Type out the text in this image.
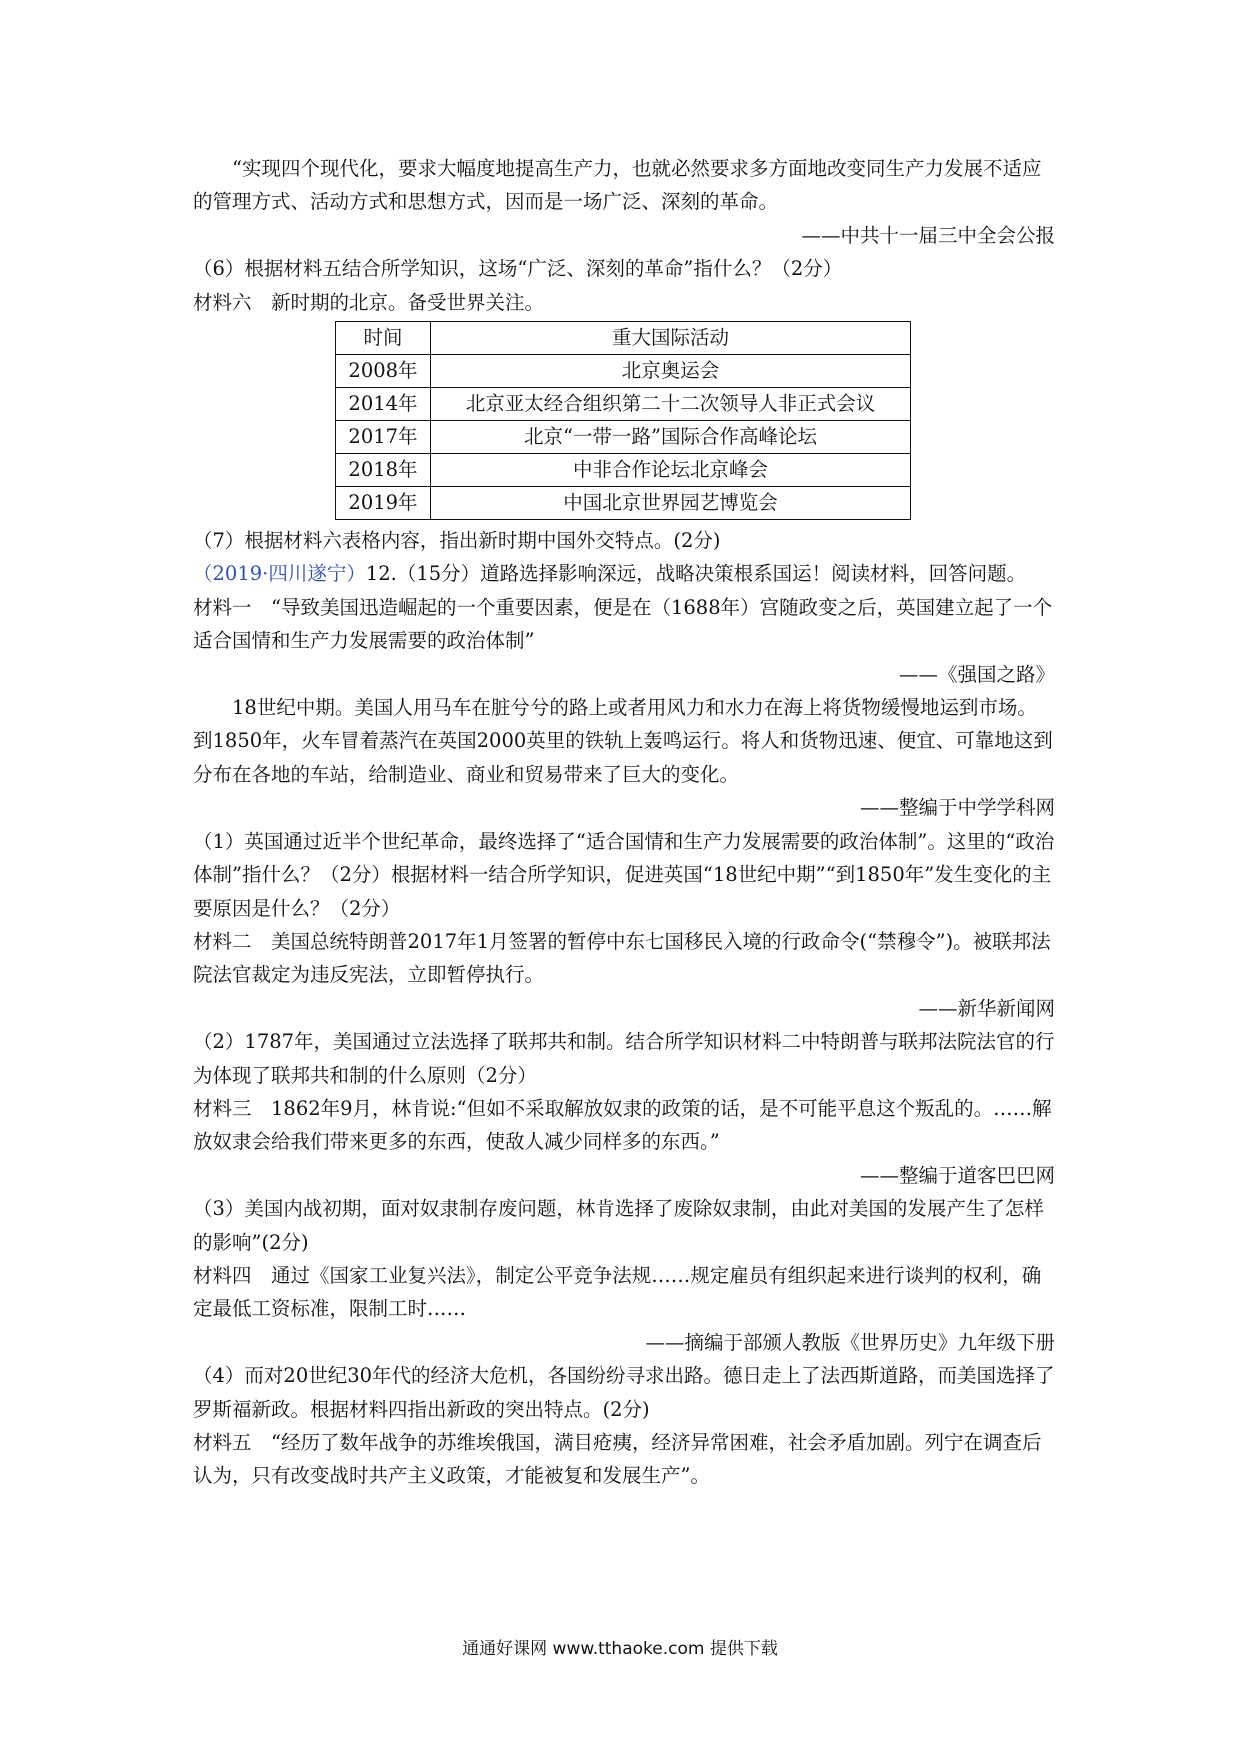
“实现四个现代化，要求大幅度地提高生产力，也就必然要求多方面地改变同生产力发展不适应的管理方式、活动方式和思想方式，因而是一场广泛、深刻的革命。

——中共十一届三中全会公报

（6）根据材料五结合所学知识，这场“广泛、深刻的革命”指什么？（2分）

材料六　新时期的北京。备受世界关注。

时间	重大国际活动
2008年	北京奥运会
2014年	北京亚太经合组织第二十二次领导人非正式会议
2017年	北京“一带一路”国际合作高峰论坛
2018年	中非合作论坛北京峰会
2019年	中国北京世界园艺博览会

（7）根据材料六表格内容，指出新时期中国外交特点。(2分)

（2019·四川遂宁）12.（15分）道路选择影响深远，战略决策根系国运！阅读材料，回答问题。

材料一　“导致美国迅造崛起的一个重要因素，便是在（1688年）宫随政变之后，英国建立起了一个适合国情和生产力发展需要的政治体制”

——《强国之路》

18世纪中期。美国人用马车在脏兮兮的路上或者用风力和水力在海上将货物缓慢地运到市场。到1850年，火车冒着蒸汽在英国2000英里的铁轨上轰鸣运行。将人和货物迅速、便宜、可靠地这到分布在各地的车站，给制造业、商业和贸易带来了巨大的变化。

——整编于中学学科网

（1）英国通过近半个世纪革命，最终选择了“适合国情和生产力发展需要的政治体制”。这里的“政治体制”指什么？（2分）根据材料一结合所学知识，促进英国“18世纪中期”“到1850年”发生变化的主要原因是什么？（2分）

材料二　美国总统特朗普2017年1月签署的暂停中东七国移民入境的行政命令(“禁穆令”)。被联邦法院法官裁定为违反宪法，立即暂停执行。

——新华新闻网

（2）1787年，美国通过立法选择了联邦共和制。结合所学知识材料二中特朗普与联邦法院法官的行为体现了联邦共和制的什么原则（2分）

材料三　1862年9月，林肯说:“但如不采取解放奴隶的政策的话，是不可能平息这个叛乱的。……解放奴隶会给我们带来更多的东西，使敌人减少同样多的东西。”

——整编于道客巴巴网

（3）美国内战初期，面对奴隶制存废问题，林肯选择了废除奴隶制，由此对美国的发展产生了怎样的影响”(2分)

材料四　通过《国家工业复兴法》，制定公平竞争法规……规定雇员有组织起来进行谈判的权利，确定最低工资标准，限制工时……

——摘编于部颁人教版《世界历史》九年级下册

（4）而对20世纪30年代的经济大危机，各国纷纷寻求出路。德日走上了法西斯道路，而美国选择了罗斯福新政。根据材料四指出新政的突出特点。(2分)

材料五　“经历了数年战争的苏维埃俄国，满目疮痍，经济异常困难，社会矛盾加剧。列宁在调查后认为，只有改变战时共产主义政策，才能被复和发展生产”。

通通好课网 www.tthaoke.com 提供下载
